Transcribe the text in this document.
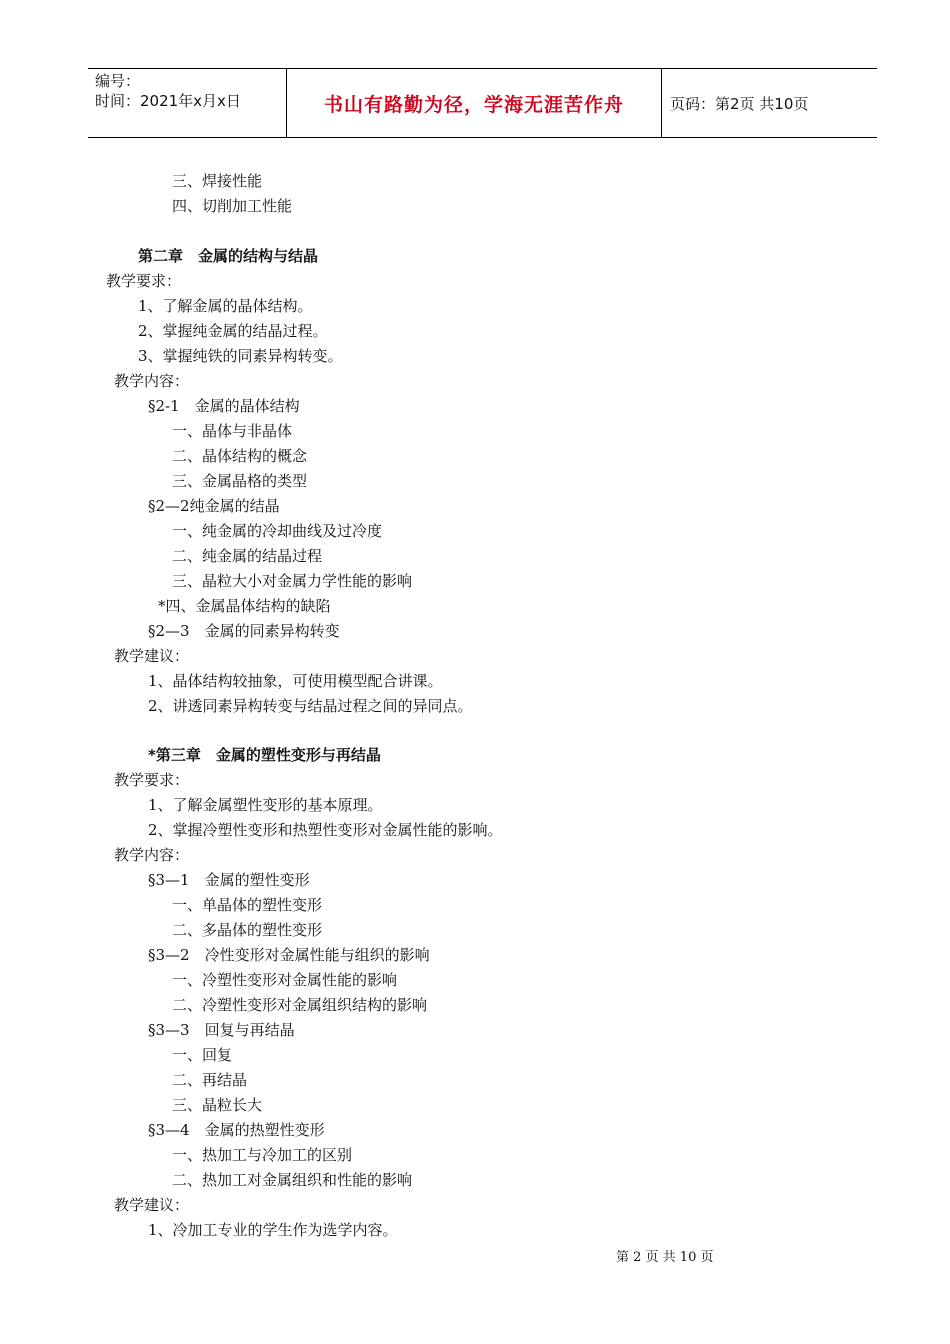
编号：
时间：2021年x月x日	书山有路勤为径，学海无涯苦作舟	页码：第2页 共10页
三、焊接性能
四、切削加工性能
第二章　金属的结构与结晶
教学要求：
1、了解金属的晶体结构。
2、掌握纯金属的结晶过程。
3、掌握纯铁的同素异构转变。
教学内容：
§2-1　金属的晶体结构
一、晶体与非晶体
二、晶体结构的概念
三、金属晶格的类型
§2—2纯金属的结晶
一、纯金属的冷却曲线及过冷度
二、纯金属的结晶过程
三、晶粒大小对金属力学性能的影响
*四、金属晶体结构的缺陷
§2—3　金属的同素异构转变
教学建议：
1、晶体结构较抽象，可使用模型配合讲课。
2、讲透同素异构转变与结晶过程之间的异同点。
*第三章　金属的塑性变形与再结晶
教学要求：
1、了解金属塑性变形的基本原理。
2、掌握冷塑性变形和热塑性变形对金属性能的影响。
教学内容：
§3—1　金属的塑性变形
一、单晶体的塑性变形
二、多晶体的塑性变形
§3—2　冷性变形对金属性能与组织的影响
一、冷塑性变形对金属性能的影响
二、冷塑性变形对金属组织结构的影响
§3—3　回复与再结晶
一、回复
二、再结晶
三、晶粒长大
§3—4　金属的热塑性变形
一、热加工与冷加工的区别
二、热加工对金属组织和性能的影响
教学建议：
1、冷加工专业的学生作为选学内容。
第 2 页 共 10 页
